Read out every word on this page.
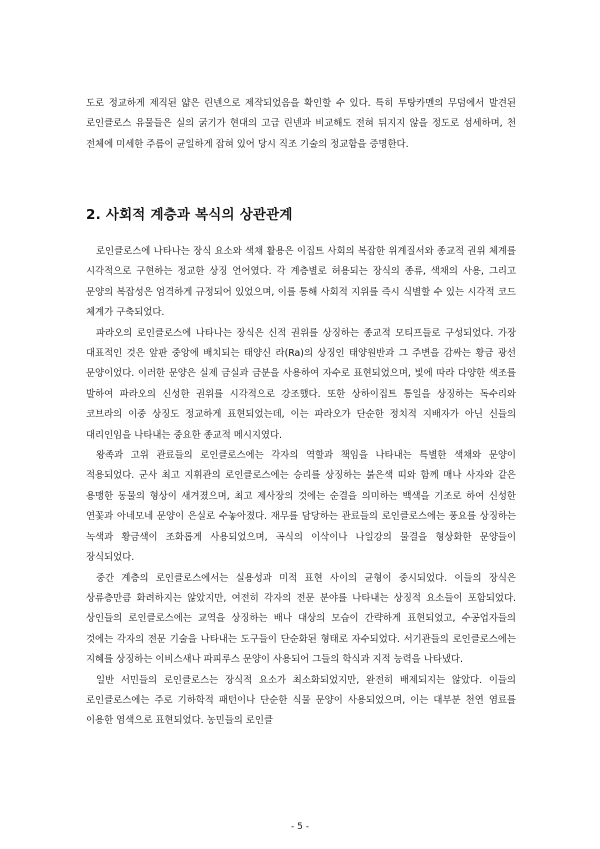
도로 정교하게 제직된 얇은 린넨으로 제작되었음을 확인할 수 있다. 특히 투탕카멘의 무덤에서 발견된 로인클로스 유물들은 실의 굵기가 현대의 고급 린넨과 비교해도 전혀 뒤지지 않을 정도로 섬세하며, 천 전체에 미세한 주름이 균일하게 잡혀 있어 당시 직조 기술의 정교함을 증명한다.

2. 사회적 계층과 복식의 상관관계

로인클로스에 나타나는 장식 요소와 색채 활용은 이집트 사회의 복잡한 위계질서와 종교적 권위 체계를 시각적으로 구현하는 정교한 상징 언어였다. 각 계층별로 허용되는 장식의 종류, 색채의 사용, 그리고 문양의 복잡성은 엄격하게 규정되어 있었으며, 이를 통해 사회적 지위를 즉시 식별할 수 있는 시각적 코드 체계가 구축되었다.

파라오의 로인클로스에 나타나는 장식은 신적 권위를 상징하는 종교적 모티프들로 구성되었다. 가장 대표적인 것은 앞판 중앙에 배치되는 태양신 라(Ra)의 상징인 태양원반과 그 주변을 감싸는 황금 광선 문양이었다. 이러한 문양은 실제 금실과 금분을 사용하여 자수로 표현되었으며, 빛에 따라 다양한 색조를 발하여 파라오의 신성한 권위를 시각적으로 강조했다. 또한 상하이집트 통일을 상징하는 독수리와 코브라의 이중 상징도 정교하게 표현되었는데, 이는 파라오가 단순한 정치적 지배자가 아닌 신들의 대리인임을 나타내는 중요한 종교적 메시지였다.

왕족과 고위 관료들의 로인클로스에는 각자의 역할과 책임을 나타내는 특별한 색채와 문양이 적용되었다. 군사 최고 지휘관의 로인클로스에는 승리를 상징하는 붉은색 띠와 함께 매나 사자와 같은 용맹한 동물의 형상이 새겨졌으며, 최고 제사장의 것에는 순결을 의미하는 백색을 기조로 하여 신성한 연꽃과 아네모네 문양이 은실로 수놓아졌다. 재무를 담당하는 관료들의 로인클로스에는 풍요를 상징하는 녹색과 황금색이 조화롭게 사용되었으며, 곡식의 이삭이나 나일강의 물결을 형상화한 문양들이 장식되었다.

중간 계층의 로인클로스에서는 실용성과 미적 표현 사이의 균형이 중시되었다. 이들의 장식은 상류층만큼 화려하지는 않았지만, 여전히 각자의 전문 분야를 나타내는 상징적 요소들이 포함되었다. 상인들의 로인클로스에는 교역을 상징하는 배나 대상의 모습이 간략하게 표현되었고, 수공업자들의 것에는 각자의 전문 기술을 나타내는 도구들이 단순화된 형태로 자수되었다. 서기관들의 로인클로스에는 지혜를 상징하는 이비스새나 파피루스 문양이 사용되어 그들의 학식과 지적 능력을 나타냈다.

일반 서민들의 로인클로스는 장식적 요소가 최소화되었지만, 완전히 배제되지는 않았다. 이들의 로인클로스에는 주로 기하학적 패턴이나 단순한 식물 문양이 사용되었으며, 이는 대부분 천연 염료를 이용한 염색으로 표현되었다. 농민들의 로인클

- 5 -
